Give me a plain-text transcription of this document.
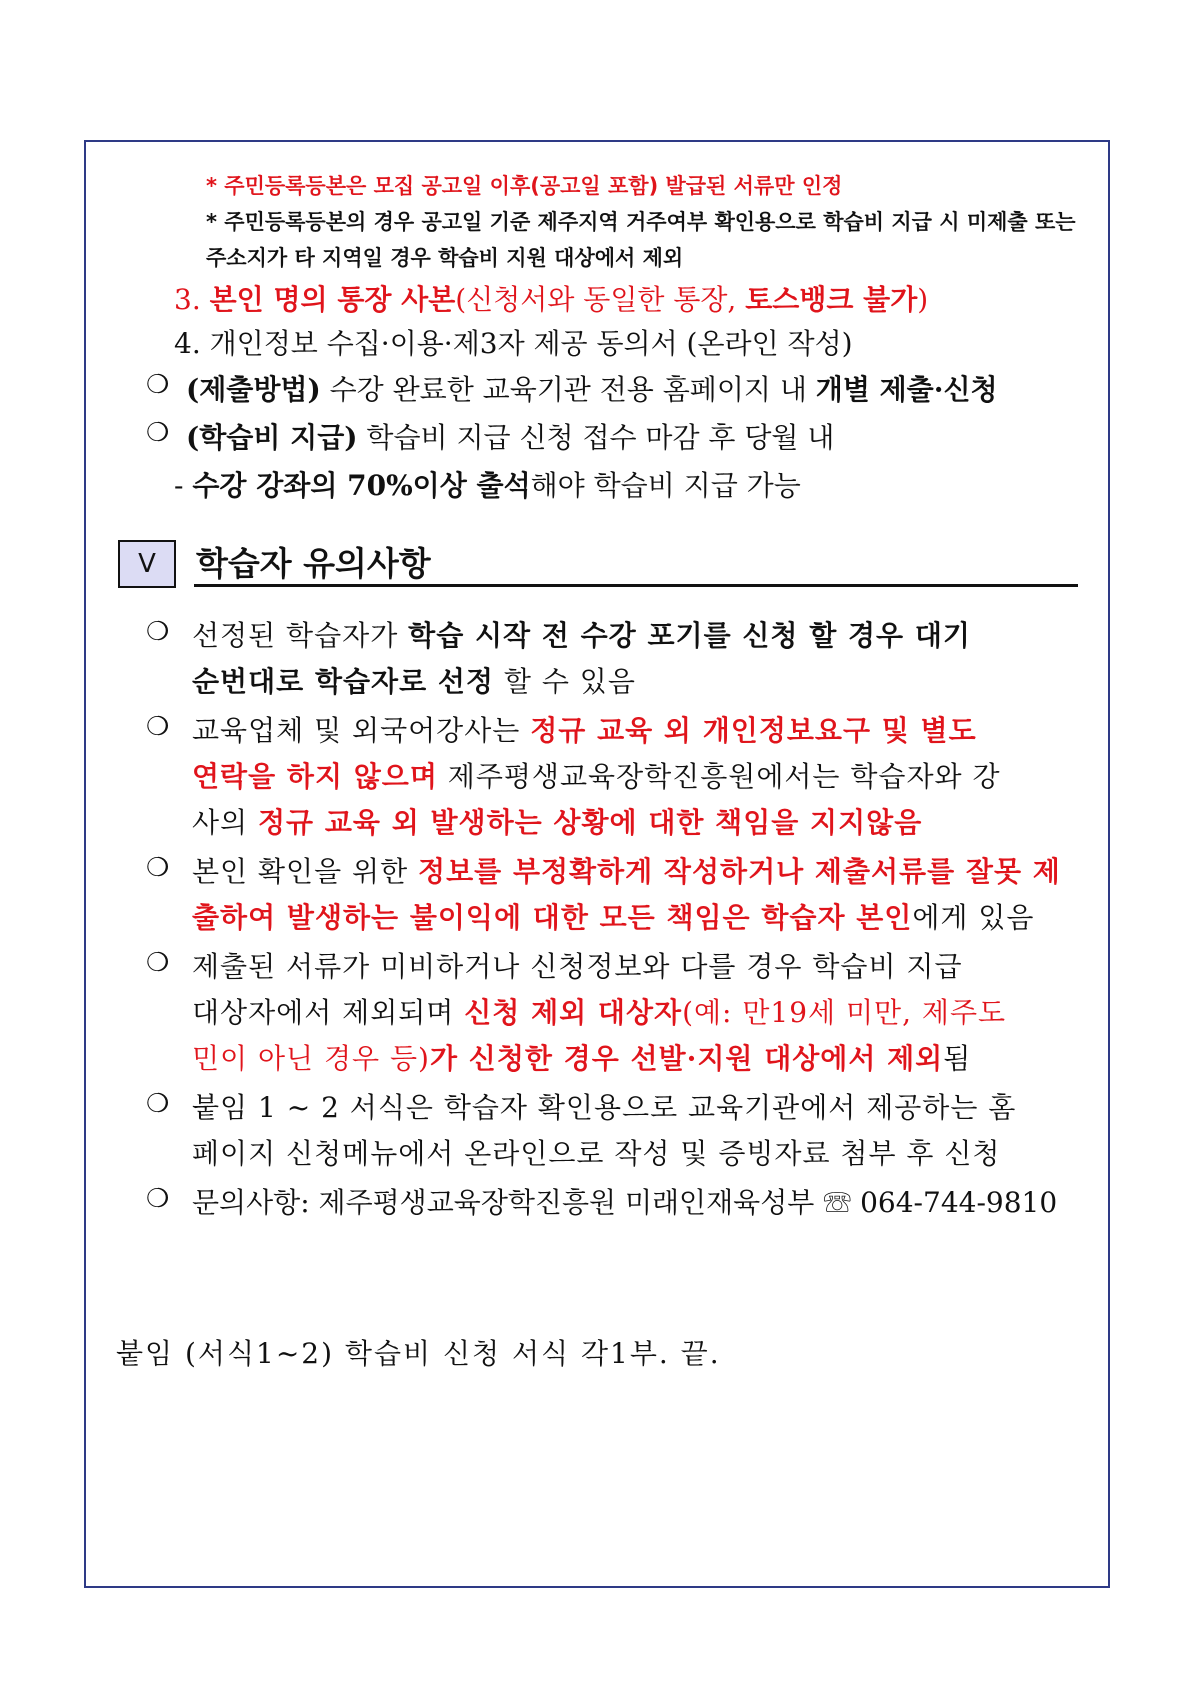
* 주민등록등본은 모집 공고일 이후(공고일 포함) 발급된 서류만 인정
* 주민등록등본의 경우 공고일 기준 제주지역 거주여부 확인용으로 학습비 지급 시 미제출 또는
주소지가 타 지역일 경우 학습비 지원 대상에서 제외
3. 본인 명의 통장 사본(신청서와 동일한 통장, 토스뱅크 불가)
4. 개인정보 수집·이용·제3자 제공 동의서 (온라인 작성)
❍ (제출방법) 수강 완료한 교육기관 전용 홈페이지 내 개별 제출·신청
❍ (학습비 지급) 학습비 지급 신청 접수 마감 후 당월 내
- 수강 강좌의 70%이상 출석해야 학습비 지급 가능
Ⅴ	학습자 유의사항
❍ 선정된 학습자가 학습 시작 전 수강 포기를 신청 할 경우 대기
순번대로 학습자로 선정 할 수 있음
❍ 교육업체 및 외국어강사는 정규 교육 외 개인정보요구 및 별도
연락을 하지 않으며 제주평생교육장학진흥원에서는 학습자와 강
사의 정규 교육 외 발생하는 상황에 대한 책임을 지지않음
❍ 본인 확인을 위한 정보를 부정확하게 작성하거나 제출서류를 잘못 제
출하여 발생하는 불이익에 대한 모든 책임은 학습자 본인에게 있음
❍ 제출된 서류가 미비하거나 신청정보와 다를 경우 학습비 지급
대상자에서 제외되며 신청 제외 대상자(예: 만19세 미만, 제주도
민이 아닌 경우 등)가 신청한 경우 선발·지원 대상에서 제외됨
❍ 붙임 1 ~ 2 서식은 학습자 확인용으로 교육기관에서 제공하는 홈
페이지 신청메뉴에서 온라인으로 작성 및 증빙자료 첨부 후 신청
❍ 문의사항: 제주평생교육장학진흥원 미래인재육성부 ☏ 064-744-9810
붙임 (서식1~2) 학습비 신청 서식 각1부. 끝.
